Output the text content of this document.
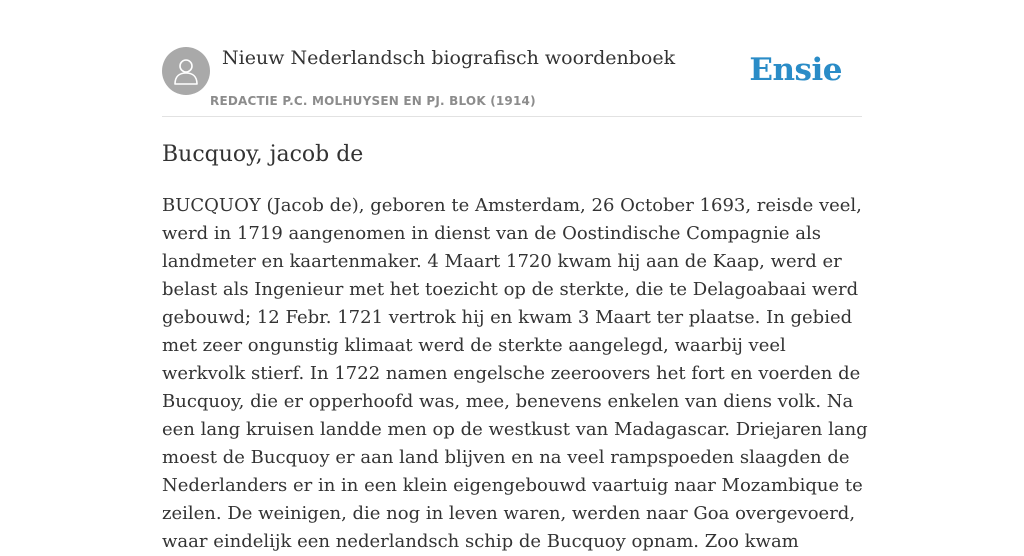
Nieuw Nederlandsch biografisch woordenboek
REDACTIE P.C. MOLHUYSEN EN PJ. BLOK (1914)
Ensie
Bucquoy, jacob de

BUCQUOY (Jacob de), geboren te Amsterdam, 26 October 1693, reisde veel, werd in 1719 aangenomen in dienst van de Oostindische Compagnie als landmeter en kaartenmaker. 4 Maart 1720 kwam hij aan de Kaap, werd er belast als Ingenieur met het toezicht op de sterkte, die te Delagoabaai werd gebouwd; 12 Febr. 1721 vertrok hij en kwam 3 Maart ter plaatse. In gebied met zeer ongunstig klimaat werd de sterkte aangelegd, waarbij veel werkvolk stierf. In 1722 namen engelsche zeeroovers het fort en voerden de Bucquoy, die er opperhoofd was, mee, benevens enkelen van diens volk. Na een lang kruisen landde men op de westkust van Madagascar. Driejaren lang moest de Bucquoy er aan land blijven en na veel rampspoeden slaagden de Nederlanders er in in een klein eigengebouwd vaartuig naar Mozambique te zeilen. De weinigen, die nog in leven waren, werden naar Goa overgevoerd, waar eindelijk een nederlandsch schip de Bucquoy opnam. Zoo kwam
